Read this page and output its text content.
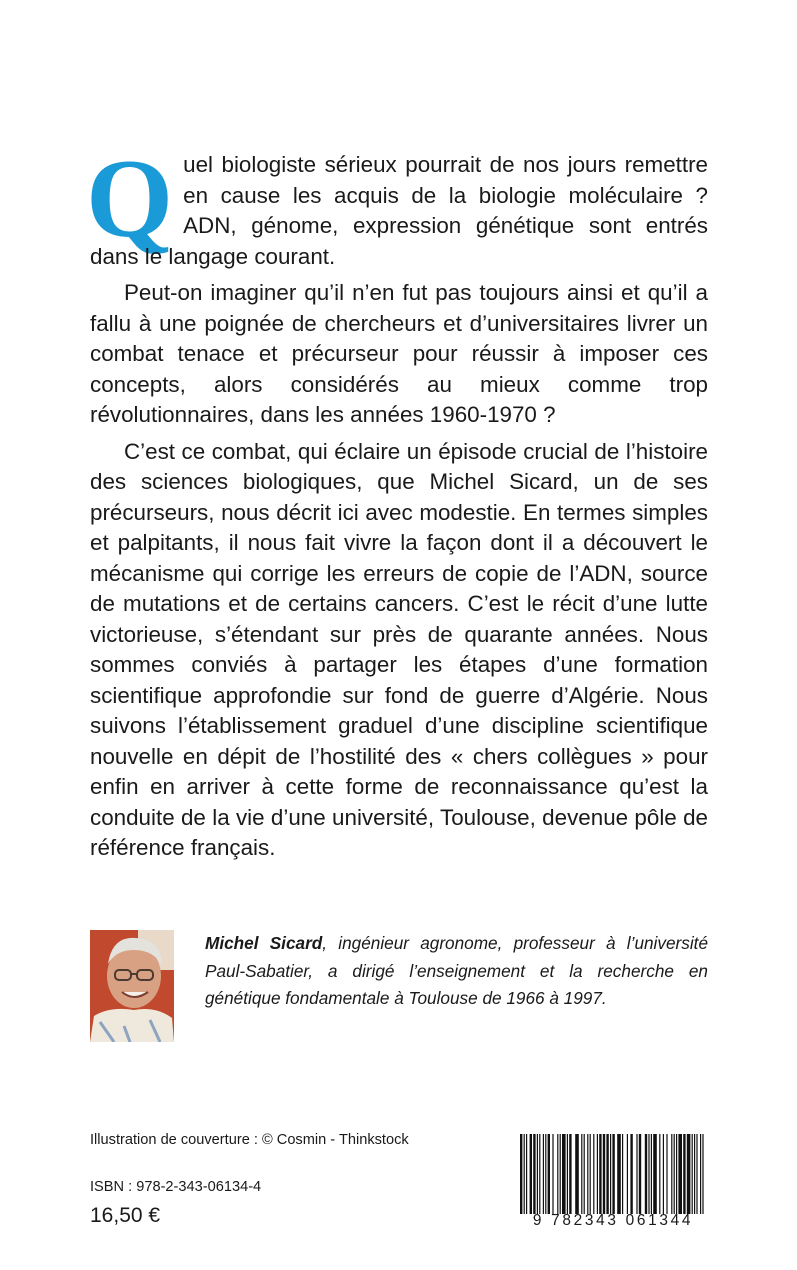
Quel biologiste sérieux pourrait de nos jours remettre en cause les acquis de la biologie moléculaire ? ADN, génome, expression génétique sont entrés dans le langage courant.

Peut-on imaginer qu’il n’en fut pas toujours ainsi et qu’il a fallu à une poignée de chercheurs et d’universitaires livrer un combat tenace et précurseur pour réussir à imposer ces concepts, alors considérés au mieux comme trop révolutionnaires, dans les années 1960-1970 ?

C’est ce combat, qui éclaire un épisode crucial de l’histoire des sciences biologiques, que Michel Sicard, un de ses précurseurs, nous décrit ici avec modestie. En termes simples et palpitants, il nous fait vivre la façon dont il a découvert le mécanisme qui corrige les erreurs de copie de l’ADN, source de mutations et de certains cancers. C’est le récit d’une lutte victorieuse, s’étendant sur près de quarante années. Nous sommes conviés à partager les étapes d’une formation scientifique approfondie sur fond de guerre d’Algérie. Nous suivons l’établissement graduel d’une discipline scientifique nouvelle en dépit de l’hostilité des « chers collègues » pour enfin en arriver à cette forme de reconnaissance qu’est la conduite de la vie d’une université, Toulouse, devenue pôle de référence français.

Michel Sicard, ingénieur agronome, professeur à l’université Paul-Sabatier, a dirigé l’enseignement et la recherche en génétique fondamentale à Toulouse de 1966 à 1997.
Illustration de couverture : © Cosmin - Thinkstock
ISBN : 978-2-343-06134-4
16,50 €	9 782343 061344
